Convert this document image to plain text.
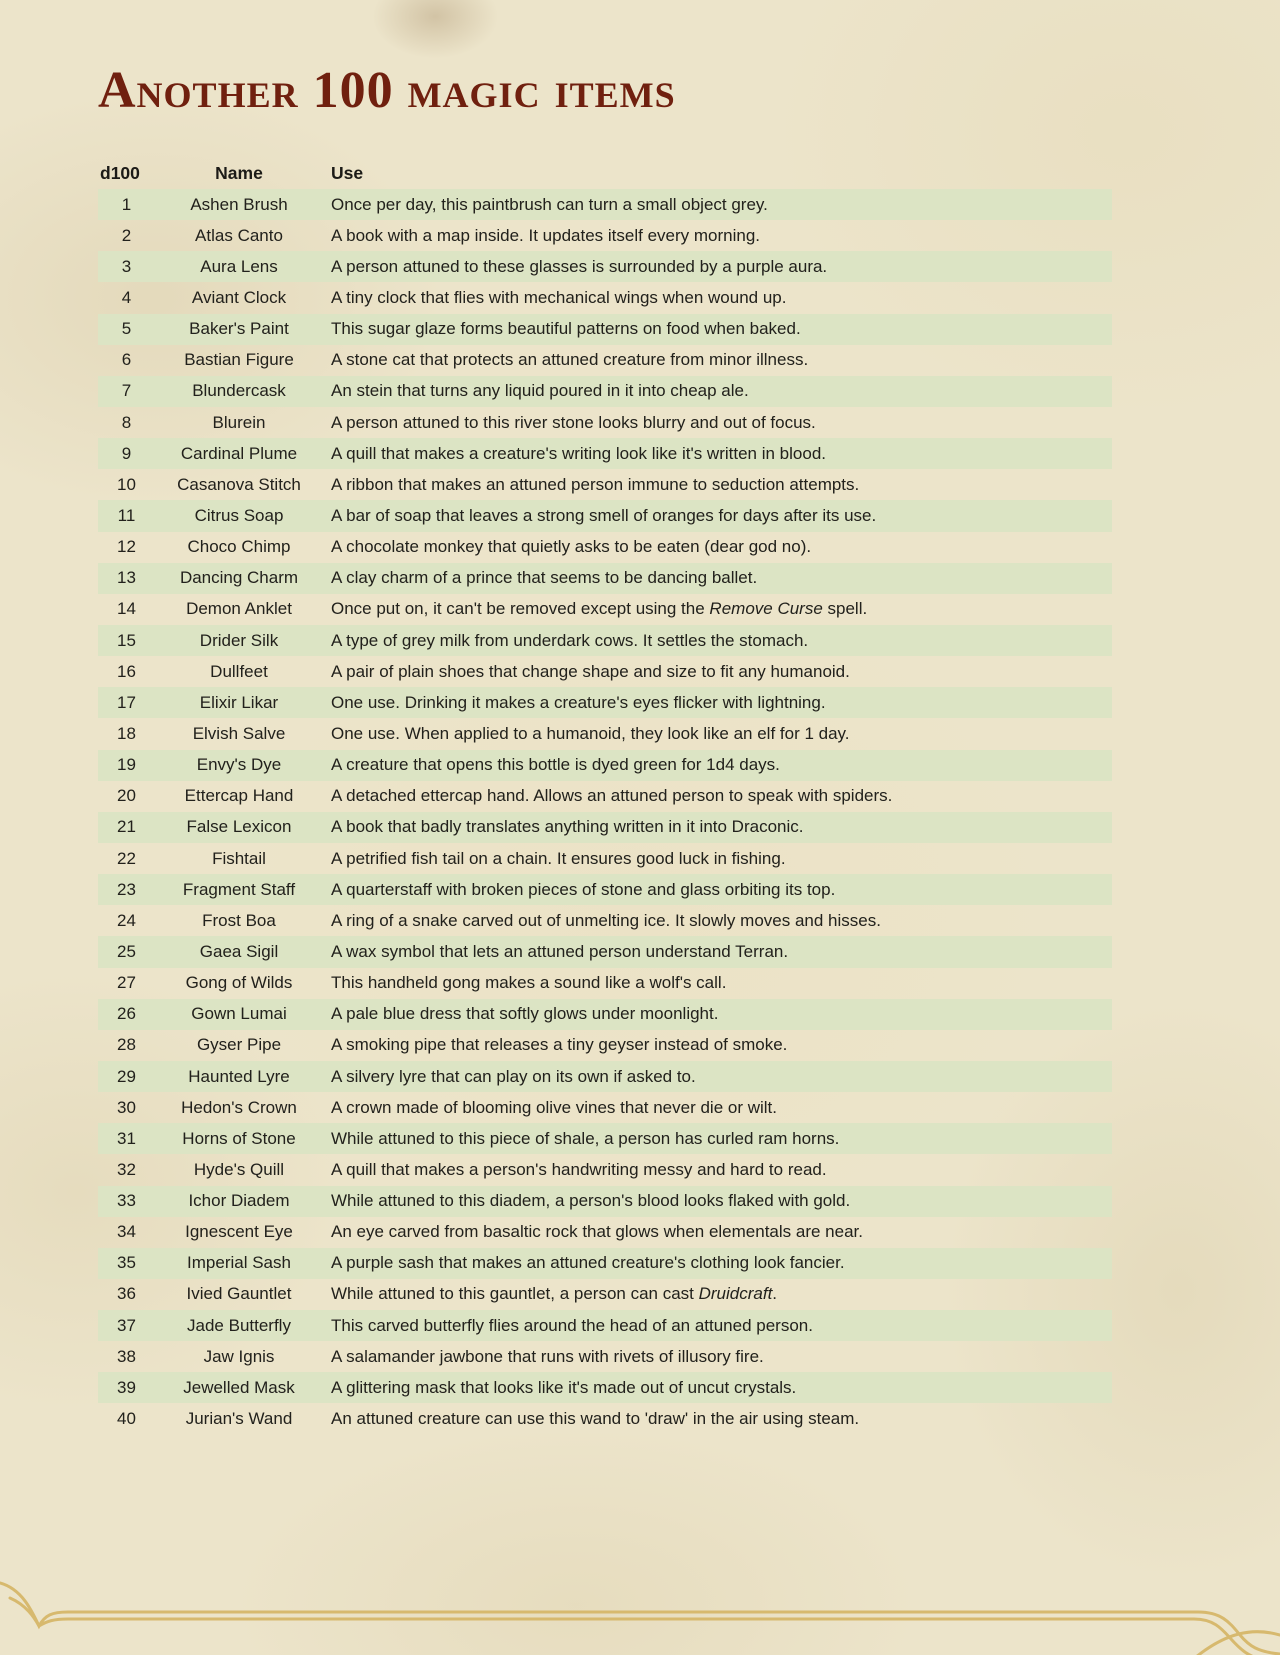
Another 100 magic items
d100	Name	Use
1	Ashen Brush	Once per day, this paintbrush can turn a small object grey.
2	Atlas Canto	A book with a map inside. It updates itself every morning.
3	Aura Lens	A person attuned to these glasses is surrounded by a purple aura.
4	Aviant Clock	A tiny clock that flies with mechanical wings when wound up.
5	Baker's Paint	This sugar glaze forms beautiful patterns on food when baked.
6	Bastian Figure	A stone cat that protects an attuned creature from minor illness.
7	Blundercask	An stein that turns any liquid poured in it into cheap ale.
8	Blurein	A person attuned to this river stone looks blurry and out of focus.
9	Cardinal Plume	A quill that makes a creature's writing look like it's written in blood.
10	Casanova Stitch	A ribbon that makes an attuned person immune to seduction attempts.
11	Citrus Soap	A bar of soap that leaves a strong smell of oranges for days after its use.
12	Choco Chimp	A chocolate monkey that quietly asks to be eaten (dear god no).
13	Dancing Charm	A clay charm of a prince that seems to be dancing ballet.
14	Demon Anklet	Once put on, it can't be removed except using the Remove Curse spell.
15	Drider Silk	A type of grey milk from underdark cows. It settles the stomach.
16	Dullfeet	A pair of plain shoes that change shape and size to fit any humanoid.
17	Elixir Likar	One use. Drinking it makes a creature's eyes flicker with lightning.
18	Elvish Salve	One use. When applied to a humanoid, they look like an elf for 1 day.
19	Envy's Dye	A creature that opens this bottle is dyed green for 1d4 days.
20	Ettercap Hand	A detached ettercap hand. Allows an attuned person to speak with spiders.
21	False Lexicon	A book that badly translates anything written in it into Draconic.
22	Fishtail	A petrified fish tail on a chain. It ensures good luck in fishing.
23	Fragment Staff	A quarterstaff with broken pieces of stone and glass orbiting its top.
24	Frost Boa	A ring of a snake carved out of unmelting ice. It slowly moves and hisses.
25	Gaea Sigil	A wax symbol that lets an attuned person understand Terran.
27	Gong of Wilds	This handheld gong makes a sound like a wolf's call.
26	Gown Lumai	A pale blue dress that softly glows under moonlight.
28	Gyser Pipe	A smoking pipe that releases a tiny geyser instead of smoke.
29	Haunted Lyre	A silvery lyre that can play on its own if asked to.
30	Hedon's Crown	A crown made of blooming olive vines that never die or wilt.
31	Horns of Stone	While attuned to this piece of shale, a person has curled ram horns.
32	Hyde's Quill	A quill that makes a person's handwriting messy and hard to read.
33	Ichor Diadem	While attuned to this diadem, a person's blood looks flaked with gold.
34	Ignescent Eye	An eye carved from basaltic rock that glows when elementals are near.
35	Imperial Sash	A purple sash that makes an attuned creature's clothing look fancier.
36	Ivied Gauntlet	While attuned to this gauntlet, a person can cast Druidcraft.
37	Jade Butterfly	This carved butterfly flies around the head of an attuned person.
38	Jaw Ignis	A salamander jawbone that runs with rivets of illusory fire.
39	Jewelled Mask	A glittering mask that looks like it's made out of uncut crystals.
40	Jurian's Wand	An attuned creature can use this wand to 'draw' in the air using steam.
